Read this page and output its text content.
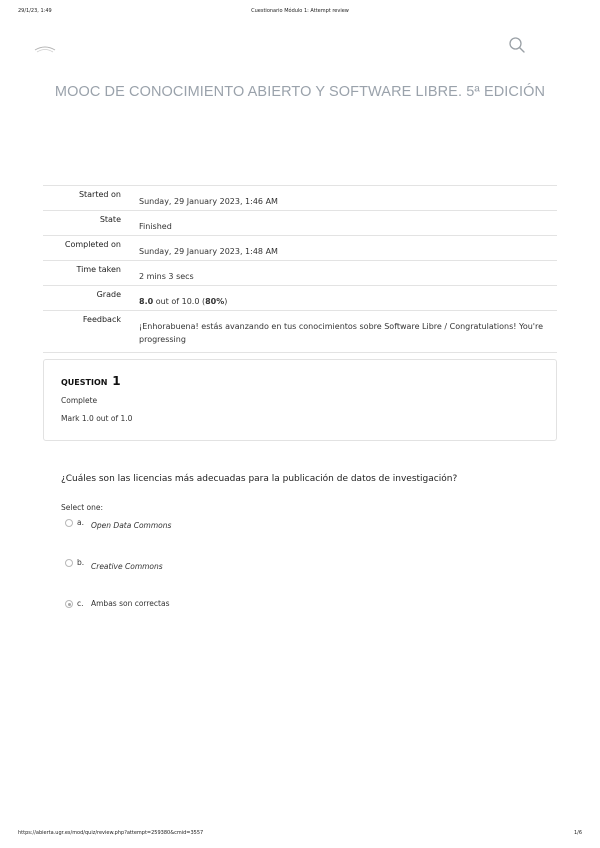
29/1/23, 1:49	Cuestionario Módulo 1: Attempt review
MOOC DE CONOCIMIENTO ABIERTO Y SOFTWARE LIBRE. 5ª EDICIÓN
Started on	Sunday, 29 January 2023, 1:46 AM
State	Finished
Completed on	Sunday, 29 January 2023, 1:48 AM
Time taken	2 mins 3 secs
Grade	8.0 out of 10.0 (80%)
Feedback	¡Enhorabuena! estás avanzando en tus conocimientos sobre Software Libre / Congratulations! You're progressing
QUESTION 1
Complete
Mark 1.0 out of 1.0
¿Cuáles son las licencias más adecuadas para la publicación de datos de investigación?
Select one:
a. Open Data Commons
b. Creative Commons
c. Ambas son correctas
https://abierta.ugr.es/mod/quiz/review.php?attempt=259380&cmid=3557	1/6
